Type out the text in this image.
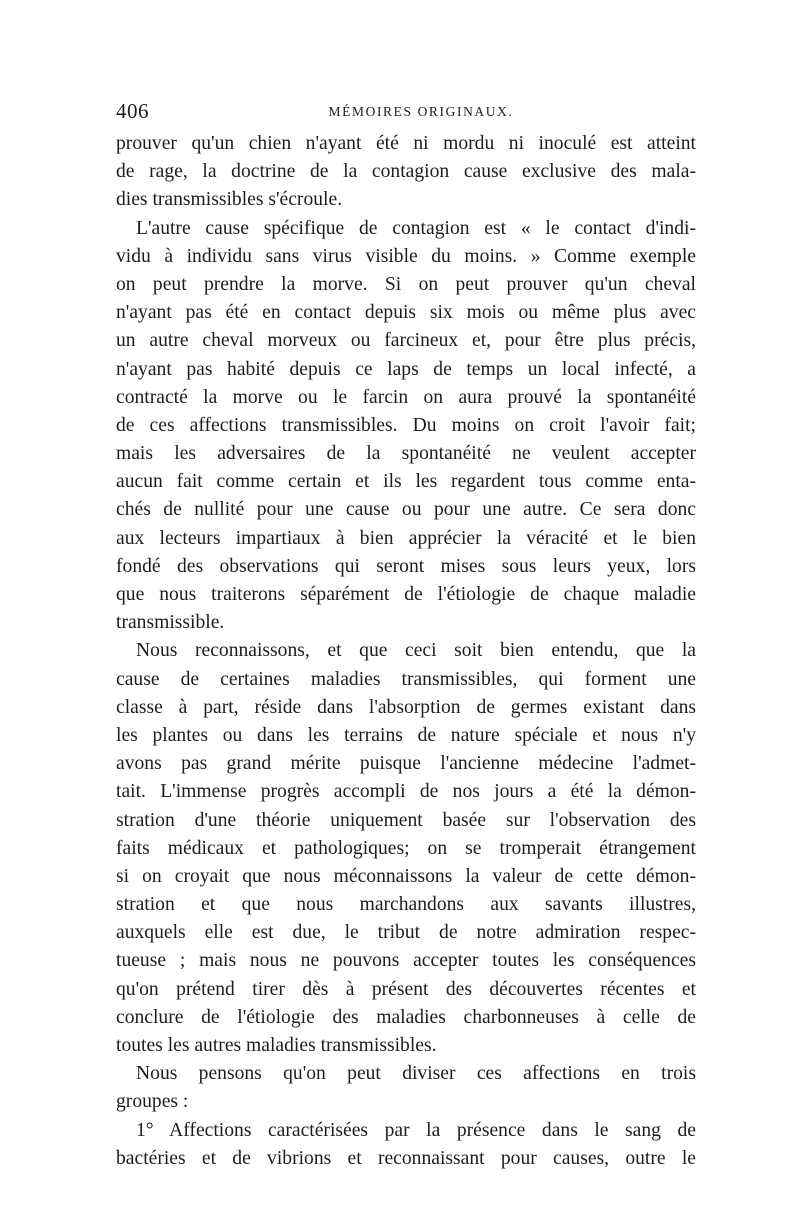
406	MÉMOIRES ORIGINAUX.
prouver qu'un chien n'ayant été ni mordu ni inoculé est atteint
de rage, la doctrine de la contagion cause exclusive des mala-
dies transmissibles s'écroule.
L'autre cause spécifique de contagion est « le contact d'indi-
vidu à individu sans virus visible du moins. » Comme exemple
on peut prendre la morve. Si on peut prouver qu'un cheval
n'ayant pas été en contact depuis six mois ou même plus avec
un autre cheval morveux ou farcineux et, pour être plus précis,
n'ayant pas habité depuis ce laps de temps un local infecté, a
contracté la morve ou le farcin on aura prouvé la spontanéité
de ces affections transmissibles. Du moins on croit l'avoir fait;
mais les adversaires de la spontanéité ne veulent accepter
aucun fait comme certain et ils les regardent tous comme enta-
chés de nullité pour une cause ou pour une autre. Ce sera donc
aux lecteurs impartiaux à bien apprécier la véracité et le bien
fondé des observations qui seront mises sous leurs yeux, lors
que nous traiterons séparément de l'étiologie de chaque maladie
transmissible.
Nous reconnaissons, et que ceci soit bien entendu, que la
cause de certaines maladies transmissibles, qui forment une
classe à part, réside dans l'absorption de germes existant dans
les plantes ou dans les terrains de nature spéciale et nous n'y
avons pas grand mérite puisque l'ancienne médecine l'admet-
tait. L'immense progrès accompli de nos jours a été la démon-
stration d'une théorie uniquement basée sur l'observation des
faits médicaux et pathologiques; on se tromperait étrangement
si on croyait que nous méconnaissons la valeur de cette démon-
stration et que nous marchandons aux savants illustres,
auxquels elle est due, le tribut de notre admiration respec-
tueuse ; mais nous ne pouvons accepter toutes les conséquences
qu'on prétend tirer dès à présent des découvertes récentes et
conclure de l'étiologie des maladies charbonneuses à celle de
toutes les autres maladies transmissibles.
Nous pensons qu'on peut diviser ces affections en trois
groupes :
1° Affections caractérisées par la présence dans le sang de
bactéries et de vibrions et reconnaissant pour causes, outre le
